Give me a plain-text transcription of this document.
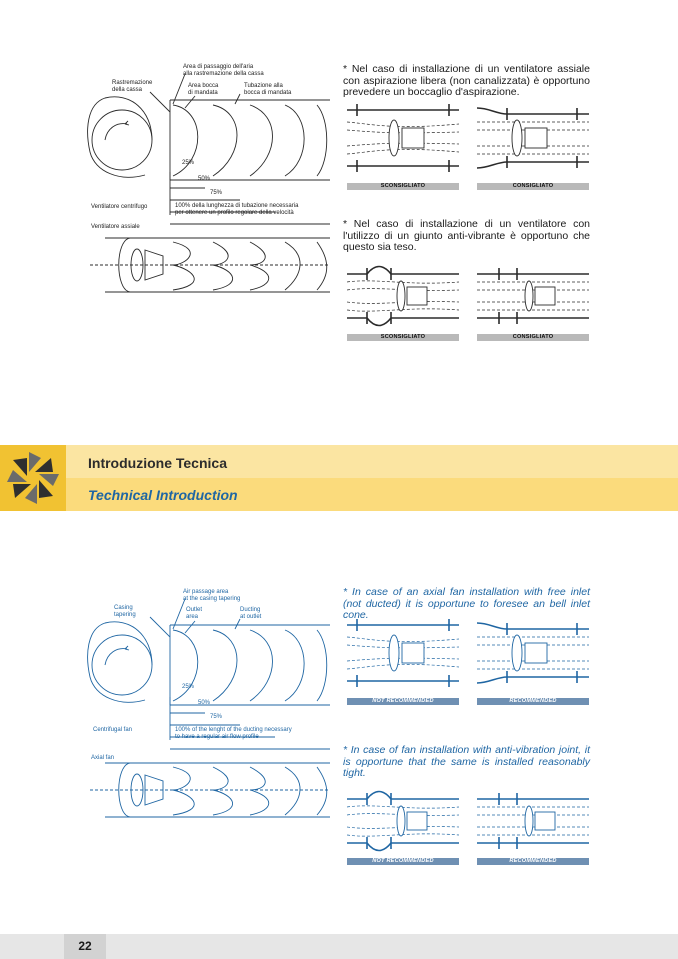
Area di passaggio dell'aria
alla rastremazione della cassa
Rastremazione
della cassa
Area bocca
di mandata
Tubazione alla
bocca di mandata
25%
50%
75%
Ventilatore centrifugo	100% della lunghezza di tubazione necessaria
per ottenere un profilo regolare della velocità
Ventilatore assiale
* Nel caso di installazione di un ventilatore assiale con aspirazione libera (non canalizzata) è opportuno prevedere un boccaglio d'aspirazione.
SCONSIGLIATO	CONSIGLIATO
* Nel caso di installazione di un ventilatore con l'utilizzo di un giunto anti-vibrante è opportuno che questo sia teso.
SCONSIGLIATO	CONSIGLIATO
Introduzione Tecnica
Technical Introduction
Air passage area
at the casing tapering
Casing
tapering
Outlet
area
Ducting
at outlet
25%
50%
75%
Centrifugal fan	100% of the lenght of the ducting necessary
to have a regular air flow profile
Axial fan
* In case of an axial fan installation with free inlet (not ducted) it is opportune to foresee an bell inlet cone.
NOT RECOMMENDED	RECOMMENDED
* In case of fan installation with anti-vibration joint, it is opportune that the same is installed reasonably tight.
NOT RECOMMENDED	RECOMMENDED
22
